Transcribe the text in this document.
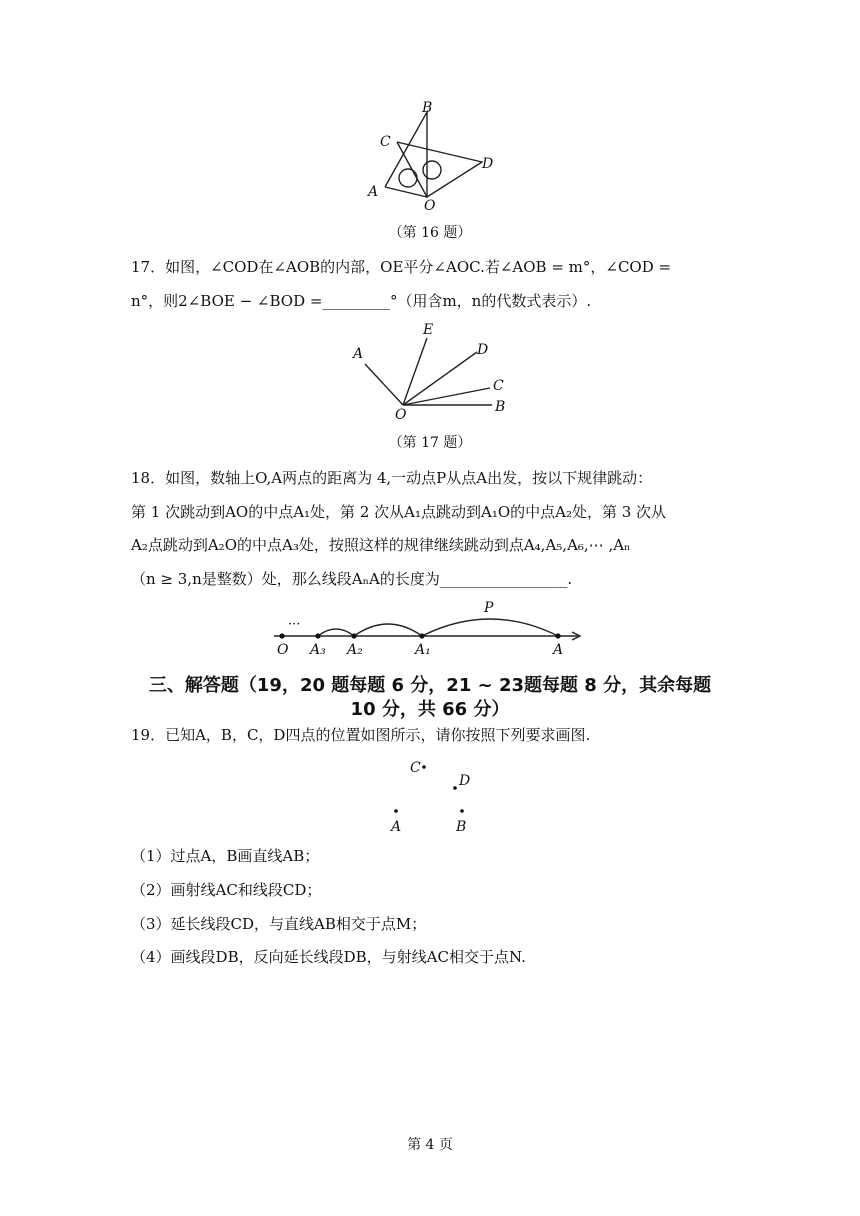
B
C
D
A
O
（第 16 题）
17．如图，∠COD在∠AOB的内部，OE平分∠AOC.若∠AOB = m°，∠COD =
n°，则2∠BOE − ∠BOD =_________°（用含m，n的代数式表示）.
A
E
D
C
B
O
（第 17 题）
18．如图，数轴上O,A两点的距离为 4,一动点P从点A出发，按以下规律跳动：
第 1 次跳动到AO的中点A₁处，第 2 次从A₁点跳动到A₁O的中点A₂处，第 3 次从
A₂点跳动到A₂O的中点A₃处，按照这样的规律继续跳动到点A₄,A₅,A₆,⋯ ,Aₙ
（n ≥ 3,n是整数）处，那么线段AₙA的长度为_________________.
···
P
O A₃ A₂	A₁	A
三、解答题（19，20 题每题 6 分，21 ~ 23题每题 8 分，其余每题
10 分，共 66 分）
19．已知A，B，C，D四点的位置如图所示，请你按照下列要求画图.
C
D
A	B
（1）过点A，B画直线AB；
（2）画射线AC和线段CD；
（3）延长线段CD，与直线AB相交于点M；
（4）画线段DB，反向延长线段DB，与射线AC相交于点N.
第 4 页
